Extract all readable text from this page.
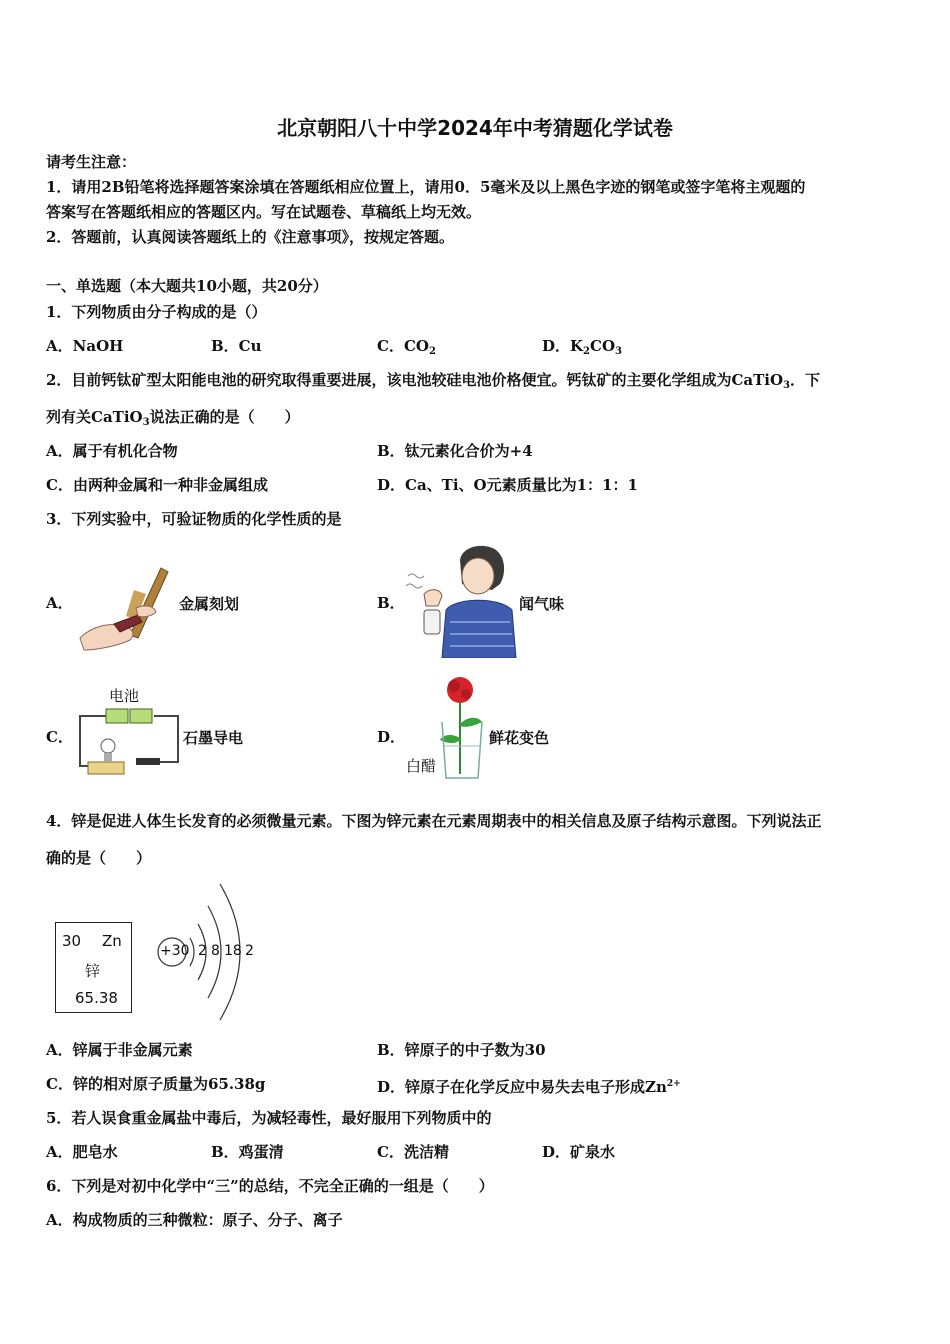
北京朝阳八十中学2024年中考猜题化学试卷
请考生注意：
1．请用2B铅笔将选择题答案涂填在答题纸相应位置上，请用0．5毫米及以上黑色字迹的钢笔或签字笔将主观题的
答案写在答题纸相应的答题区内。写在试题卷、草稿纸上均无效。
2．答题前，认真阅读答题纸上的《注意事项》，按规定答题。
一、单选题（本大题共10小题，共20分）
1．下列物质由分子构成的是（）
A．NaOH	B．Cu	C．$CO_2$	D．$K_2CO_3$
2．目前钙钛矿型太阳能电池的研究取得重要进展，该电池较硅电池价格便宜。钙钛矿的主要化学组成为CaTiO$_3$．下
列有关CaTiO$_3$说法正确的是（　　）
A．属于有机化合物	B．钛元素化合价为+4
C．由两种金属和一种非金属组成	D．Ca、Ti、O元素质量比为1：1：1
3．下列实验中，可验证物质的化学性质的是
A．	金属刻划	B．	闻气味
C．
电池
石墨导电	D．
白醋
鲜花变色
4．锌是促进人体生长发育的必须微量元素。下图为锌元素在元素周期表中的相关信息及原子结构示意图。下列说法正
确的是（　　）
30 Zn
锌
65.38
+30 2 8 18 2
A．锌属于非金属元素	B．锌原子的中子数为30
C．锌的相对原子质量为65.38g	D．锌原子在化学反应中易失去电子形成$Zn^{2+}$
5．若人误食重金属盐中毒后，为减轻毒性，最好服用下列物质中的
A．肥皂水	B．鸡蛋清	C．洗洁精	D．矿泉水
6．下列是对初中化学中“三”的总结，不完全正确的一组是（　　）
A．构成物质的三种微粒：原子、分子、离子
